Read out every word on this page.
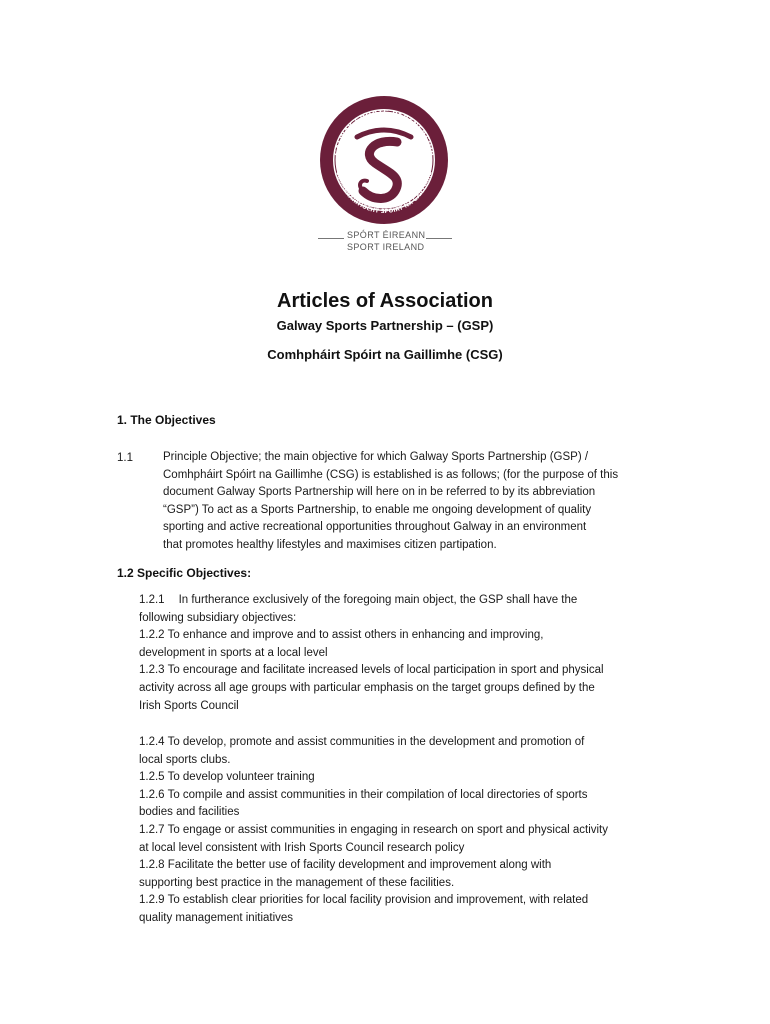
GALWAY SPORTS PARTNERSHIP
COMHPHÁIRTÍOCHT SPÓIRT NA GAILLIMHE
SPÓRT ÉIREANN
SPORT IRELAND
Articles of Association
Galway Sports Partnership – (GSP)
Comhpháirt Spóirt na Gaillimhe (CSG)
1. The Objectives
1.1	Principle Objective; the main objective for which Galway Sports Partnership (GSP) /
Comhpháirt Spóirt na Gaillimhe (CSG) is established is as follows; (for the purpose of this
document Galway Sports Partnership will here on in be referred to by its abbreviation
“GSP”) To act as a Sports Partnership, to enable me ongoing development of quality
sporting and active recreational opportunities throughout Galway in an environment
that promotes healthy lifestyles and maximises citizen partipation.
1.2 Specific Objectives:
1.2.1 In furtherance exclusively of the foregoing main object, the GSP shall have the
following subsidiary objectives:
1.2.2 To enhance and improve and to assist others in enhancing and improving,
development in sports at a local level
1.2.3 To encourage and facilitate increased levels of local participation in sport and physical
activity across all age groups with particular emphasis on the target groups defined by the
Irish Sports Council
1.2.4 To develop, promote and assist communities in the development and promotion of
local sports clubs.
1.2.5 To develop volunteer training
1.2.6 To compile and assist communities in their compilation of local directories of sports
bodies and facilities
1.2.7 To engage or assist communities in engaging in research on sport and physical activity
at local level consistent with Irish Sports Council research policy
1.2.8 Facilitate the better use of facility development and improvement along with
supporting best practice in the management of these facilities.
1.2.9 To establish clear priorities for local facility provision and improvement, with related
quality management initiatives
